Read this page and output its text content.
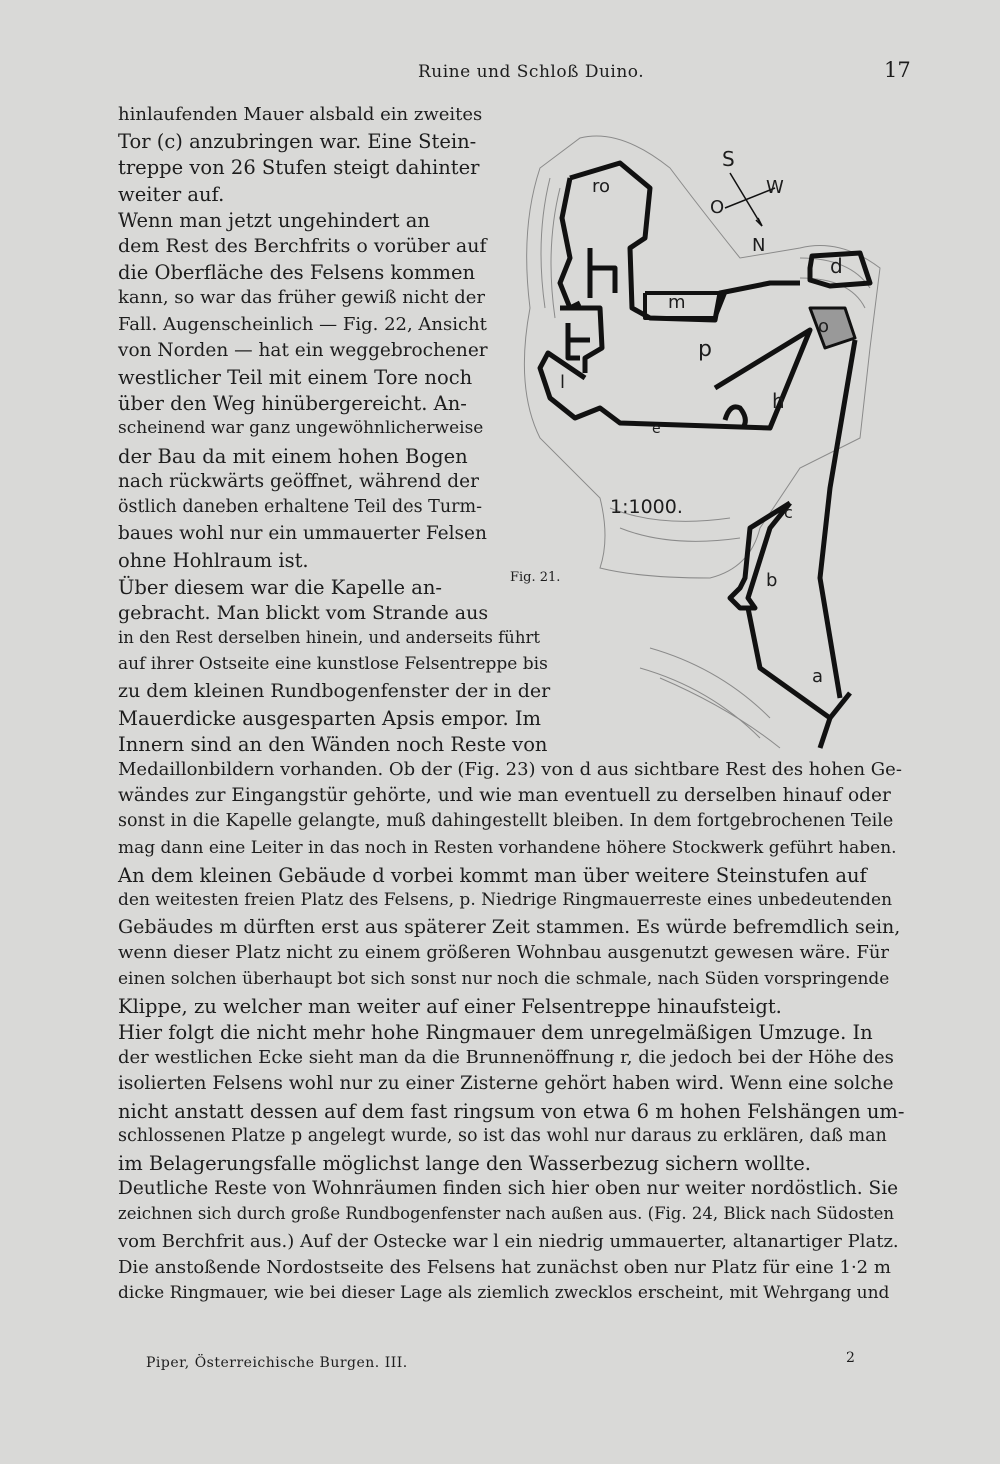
Ruine und Schloß Duino.	17
hinlaufenden Mauer alsbald ein zweites
Tor (c) anzubringen war. Eine Stein-
treppe von 26 Stufen steigt dahinter
weiter auf.
Wenn man jetzt ungehindert an
dem Rest des Berchfrits o vorüber auf
die Oberfläche des Felsens kommen
kann, so war das früher gewiß nicht der
Fall. Augenscheinlich — Fig. 22, Ansicht
von Norden — hat ein weggebrochener
westlicher Teil mit einem Tore noch
über den Weg hinübergereicht. An-
scheinend war ganz ungewöhnlicherweise
der Bau da mit einem hohen Bogen
nach rückwärts geöffnet, während der
östlich daneben erhaltene Teil des Turm-
baues wohl nur ein ummauerter Felsen
ohne Hohlraum ist.
Über diesem war die Kapelle an-
gebracht. Man blickt vom Strande aus
in den Rest derselben hinein, und anderseits führt
auf ihrer Ostseite eine kunstlose Felsentreppe bis
zu dem kleinen Rundbogenfenster der in der
Mauerdicke ausgesparten Apsis empor. Im
Innern sind an den Wänden noch Reste von
Medaillonbildern vorhanden. Ob der (Fig. 23) von d aus sichtbare Rest des hohen Ge-
wändes zur Eingangstür gehörte, und wie man eventuell zu derselben hinauf oder
sonst in die Kapelle gelangte, muß dahingestellt bleiben. In dem fortgebrochenen Teile
mag dann eine Leiter in das noch in Resten vorhandene höhere Stockwerk geführt haben.
An dem kleinen Gebäude d vorbei kommt man über weitere Steinstufen auf
den weitesten freien Platz des Felsens, p. Niedrige Ringmauerreste eines unbedeutenden
Gebäudes m dürften erst aus späterer Zeit stammen. Es würde befremdlich sein,
wenn dieser Platz nicht zu einem größeren Wohnbau ausgenutzt gewesen wäre. Für
einen solchen überhaupt bot sich sonst nur noch die schmale, nach Süden vorspringende
Klippe, zu welcher man weiter auf einer Felsentreppe hinaufsteigt.
Hier folgt die nicht mehr hohe Ringmauer dem unregelmäßigen Umzuge. In
der westlichen Ecke sieht man da die Brunnenöffnung r, die jedoch bei der Höhe des
isolierten Felsens wohl nur zu einer Zisterne gehört haben wird. Wenn eine solche
nicht anstatt dessen auf dem fast ringsum von etwa 6 m hohen Felshängen um-
schlossenen Platze p angelegt wurde, so ist das wohl nur daraus zu erklären, daß man
im Belagerungsfalle möglichst lange den Wasserbezug sichern wollte.
Deutliche Reste von Wohnräumen finden sich hier oben nur weiter nordöstlich. Sie
zeichnen sich durch große Rundbogenfenster nach außen aus. (Fig. 24, Blick nach Südosten
vom Berchfrit aus.) Auf der Ostecke war l ein niedrig ummauerter, altanartiger Platz.
Die anstoßende Nordostseite des Felsens hat zunächst oben nur Platz für eine 1·2 m
dicke Ringmauer, wie bei dieser Lage als ziemlich zwecklos erscheint, mit Wehrgang und
S
W
O
N
ro
d
m
o
p
l
h
e
c
b
a
1:1000.
Fig. 21.
Piper, Österreichische Burgen. III.	2
